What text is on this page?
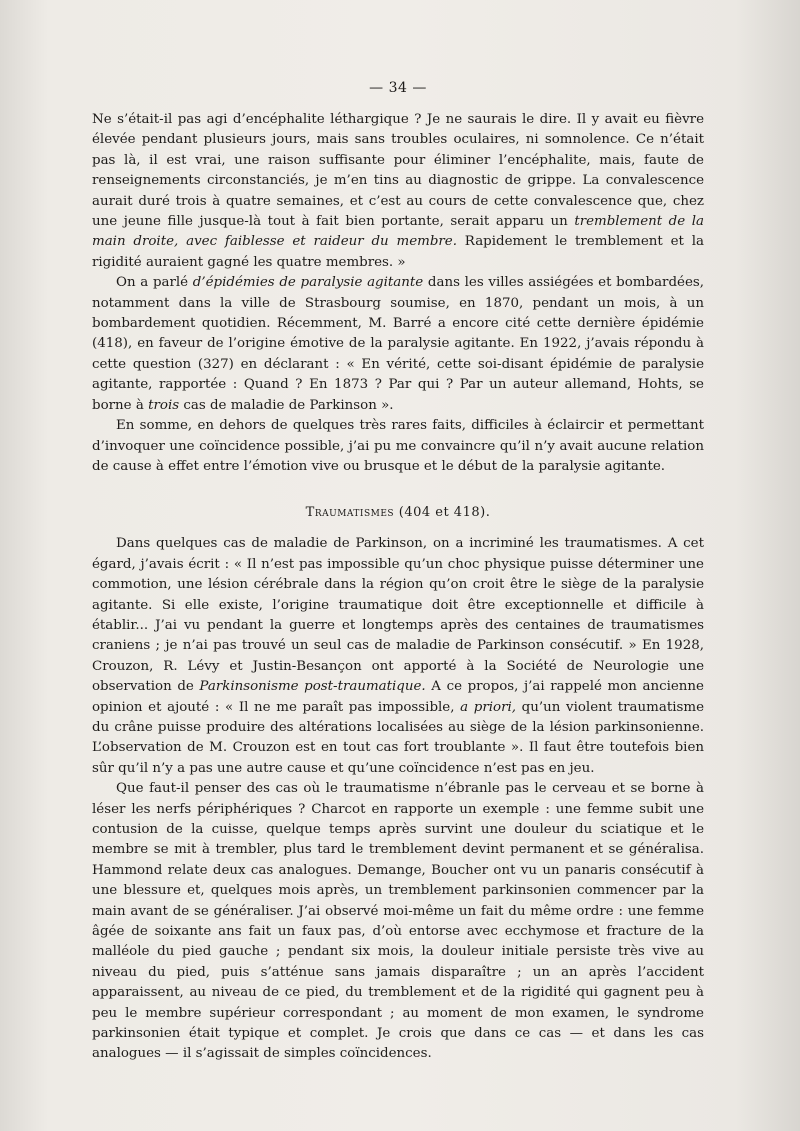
— 34 —

Ne s’était-il pas agi d’encéphalite léthargique ? Je ne saurais le dire. Il y avait eu fièvre élevée pendant plusieurs jours, mais sans troubles oculaires, ni somnolence. Ce n’était pas là, il est vrai, une raison suffisante pour éliminer l’encéphalite, mais, faute de renseignements circonstanciés, je m’en tins au diagnostic de grippe. La convalescence aurait duré trois à quatre semaines, et c’est au cours de cette convalescence que, chez une jeune fille jusque-là tout à fait bien portante, serait apparu un tremblement de la main droite, avec faiblesse et raideur du membre. Rapidement le tremblement et la rigidité auraient gagné les quatre membres. »

On a parlé d’épidémies de paralysie agitante dans les villes assiégées et bombardées, notamment dans la ville de Strasbourg soumise, en 1870, pendant un mois, à un bombardement quotidien. Récemment, M. Barré a encore cité cette dernière épidémie (418), en faveur de l’origine émotive de la paralysie agitante. En 1922, j’avais répondu à cette question (327) en déclarant : « En vérité, cette soi-disant épidémie de paralysie agitante, rapportée : Quand ? En 1873 ? Par qui ? Par un auteur allemand, Hohts, se borne à trois cas de maladie de Parkinson ».

En somme, en dehors de quelques très rares faits, difficiles à éclaircir et permettant d’invoquer une coïncidence possible, j’ai pu me convaincre qu’il n’y avait aucune relation de cause à effet entre l’émotion vive ou brusque et le début de la paralysie agitante.

Traumatismes (404 et 418).

Dans quelques cas de maladie de Parkinson, on a incriminé les traumatismes. A cet égard, j’avais écrit : « Il n’est pas impossible qu’un choc physique puisse déterminer une commotion, une lésion cérébrale dans la région qu’on croit être le siège de la paralysie agitante. Si elle existe, l’origine traumatique doit être exceptionnelle et difficile à établir... J’ai vu pendant la guerre et longtemps après des centaines de traumatismes craniens ; je n’ai pas trouvé un seul cas de maladie de Parkinson consécutif. » En 1928, Crouzon, R. Lévy et Justin-Besançon ont apporté à la Société de Neurologie une observation de Parkinsonisme post-traumatique. A ce propos, j’ai rappelé mon ancienne opinion et ajouté : « Il ne me paraît pas impossible, a priori, qu’un violent traumatisme du crâne puisse produire des altérations localisées au siège de la lésion parkinsonienne. L’observation de M. Crouzon est en tout cas fort troublante ». Il faut être toutefois bien sûr qu’il n’y a pas une autre cause et qu’une coïncidence n’est pas en jeu.

Que faut-il penser des cas où le traumatisme n’ébranle pas le cerveau et se borne à léser les nerfs périphériques ? Charcot en rapporte un exemple : une femme subit une contusion de la cuisse, quelque temps après survint une douleur du sciatique et le membre se mit à trembler, plus tard le tremblement devint permanent et se généralisa. Hammond relate deux cas analogues. Demange, Boucher ont vu un panaris consécutif à une blessure et, quelques mois après, un tremblement parkinsonien commencer par la main avant de se généraliser. J’ai observé moi-même un fait du même ordre : une femme âgée de soixante ans fait un faux pas, d’où entorse avec ecchymose et fracture de la malléole du pied gauche ; pendant six mois, la douleur initiale persiste très vive au niveau du pied, puis s’atténue sans jamais disparaître ; un an après l’accident apparaissent, au niveau de ce pied, du tremblement et de la rigidité qui gagnent peu à peu le membre supérieur correspondant ; au moment de mon examen, le syndrome parkinsonien était typique et complet. Je crois que dans ce cas — et dans les cas analogues — il s’agissait de simples coïncidences.
